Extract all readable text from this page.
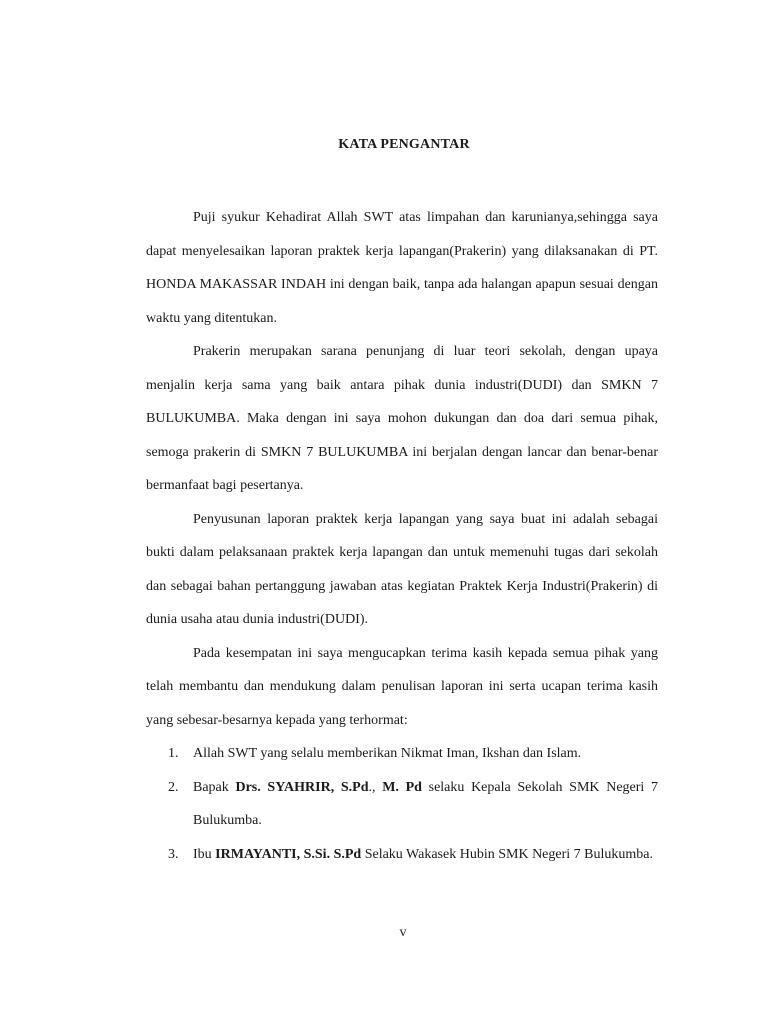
KATA PENGANTAR

Puji syukur Kehadirat Allah SWT atas limpahan dan karunianya,sehingga saya dapat menyelesaikan laporan praktek kerja lapangan(Prakerin) yang dilaksanakan di PT. HONDA MAKASSAR INDAH ini dengan baik, tanpa ada halangan apapun sesuai dengan waktu yang ditentukan.

Prakerin merupakan sarana penunjang di luar teori sekolah, dengan upaya menjalin kerja sama yang baik antara pihak dunia industri(DUDI) dan SMKN 7 BULUKUMBA. Maka dengan ini saya mohon dukungan dan doa dari semua pihak, semoga prakerin di SMKN 7 BULUKUMBA ini berjalan dengan lancar dan benar-benar bermanfaat bagi pesertanya.

Penyusunan laporan praktek kerja lapangan yang saya buat ini adalah sebagai bukti dalam pelaksanaan praktek kerja lapangan dan untuk memenuhi tugas dari sekolah dan sebagai bahan pertanggung jawaban atas kegiatan Praktek Kerja Industri(Prakerin) di dunia usaha atau dunia industri(DUDI).

Pada kesempatan ini saya mengucapkan terima kasih kepada semua pihak yang telah membantu dan mendukung dalam penulisan laporan ini serta ucapan terima kasih yang sebesar-besarnya kepada yang terhormat:

1. Allah SWT yang selalu memberikan Nikmat Iman, Ikshan dan Islam.
2. Bapak Drs. SYAHRIR, S.Pd., M. Pd selaku Kepala Sekolah SMK Negeri 7 Bulukumba.
3. Ibu IRMAYANTI, S.Si. S.Pd Selaku Wakasek Hubin SMK Negeri 7 Bulukumba.
v
